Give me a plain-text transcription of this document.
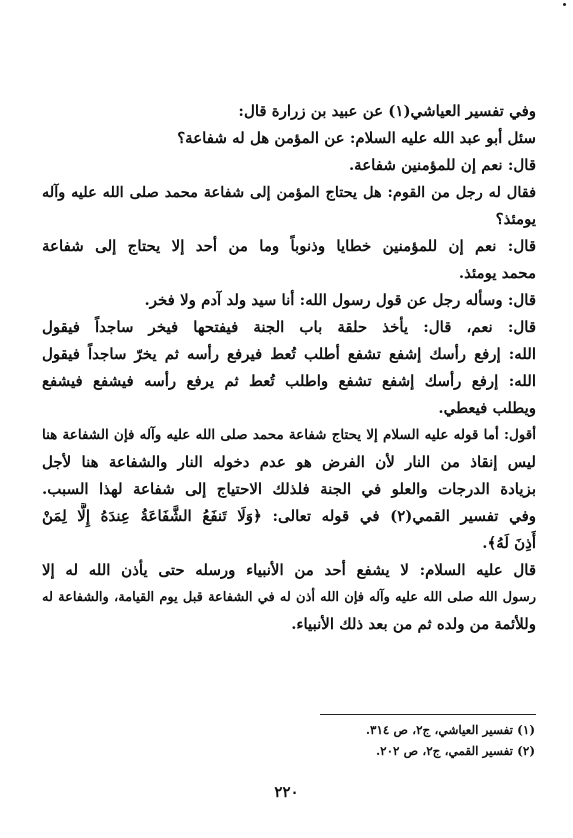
وفي تفسير العياشي(١) عن عبيد بن زرارة قال:
سئل أبو عبد الله عليه السلام: عن المؤمن هل له شفاعة؟
قال: نعم إن للمؤمنين شفاعة.
فقال له رجل من القوم: هل يحتاج المؤمن إلى شفاعة محمد صلى الله عليه وآله
يومئذ؟
قال: نعم إن للمؤمنين خطايا وذنوباً وما من أحد إلا يحتاج إلى شفاعة
محمد يومئذ.
قال: وسأله رجل عن قول رسول الله: أنا سيد ولد آدم ولا فخر.
قال: نعم، قال: يأخذ حلقة باب الجنة فيفتحها فيخر ساجداً فيقول
الله: إرفع رأسك إشفع تشفع أطلب تُعط فيرفع رأسه ثم يخرّ ساجداً فيقول
الله: إرفع رأسك إشفع تشفع واطلب تُعط ثم يرفع رأسه فيشفع فيشفع
ويطلب فيعطي.
أقول: أما قوله عليه السلام إلا يحتاج شفاعة محمد صلى الله عليه وآله فإن الشفاعة هنا
ليس إنقاذ من النار لأن الفرض هو عدم دخوله النار والشفاعة هنا لأجل
بزيادة الدرجات والعلو في الجنة فلذلك الاحتياج إلى شفاعة لهذا السبب.
وفي تفسير القمي(٢) في قوله تعالى: ﴿وَلَا تَنفَعُ الشَّفَاعَةُ عِندَهُ إِلَّا لِمَنْ
أَذِنَ لَهُ﴾.
قال عليه السلام: لا يشفع أحد من الأنبياء ورسله حتى يأذن الله له إلا
رسول الله صلى الله عليه وآله فإن الله أذن له في الشفاعة قبل يوم القيامة، والشفاعة له
وللأئمة من ولده ثم من بعد ذلك الأنبياء.
(١) تفسير العياشي، ج٢، ص ٣١٤.
(٢) تفسير القمي، ج٢، ص ٢٠٢.
٢٢٠
